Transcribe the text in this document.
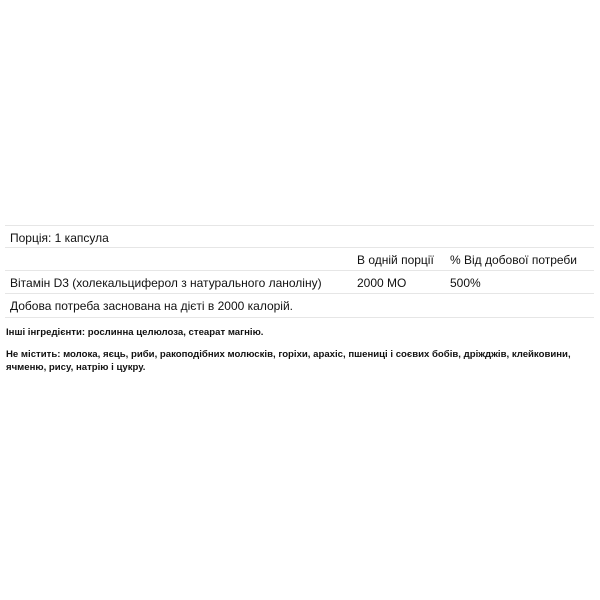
Порція: 1 капсула
В одній порції % Від добової потреби
Вітамін D3 (холекальциферол з натурального ланоліну)	2000 МО	500%
Добова потреба заснована на дієті в 2000 калорій.

Інші інгредієнти: рослинна целюлоза, стеарат магнію.

Не містить: молока, яєць, риби, ракоподібних молюсків, горіхи, арахіс, пшениці і соєвих бобів, дріжджів, клейковини, ячменю, рису, натрію і цукру.
